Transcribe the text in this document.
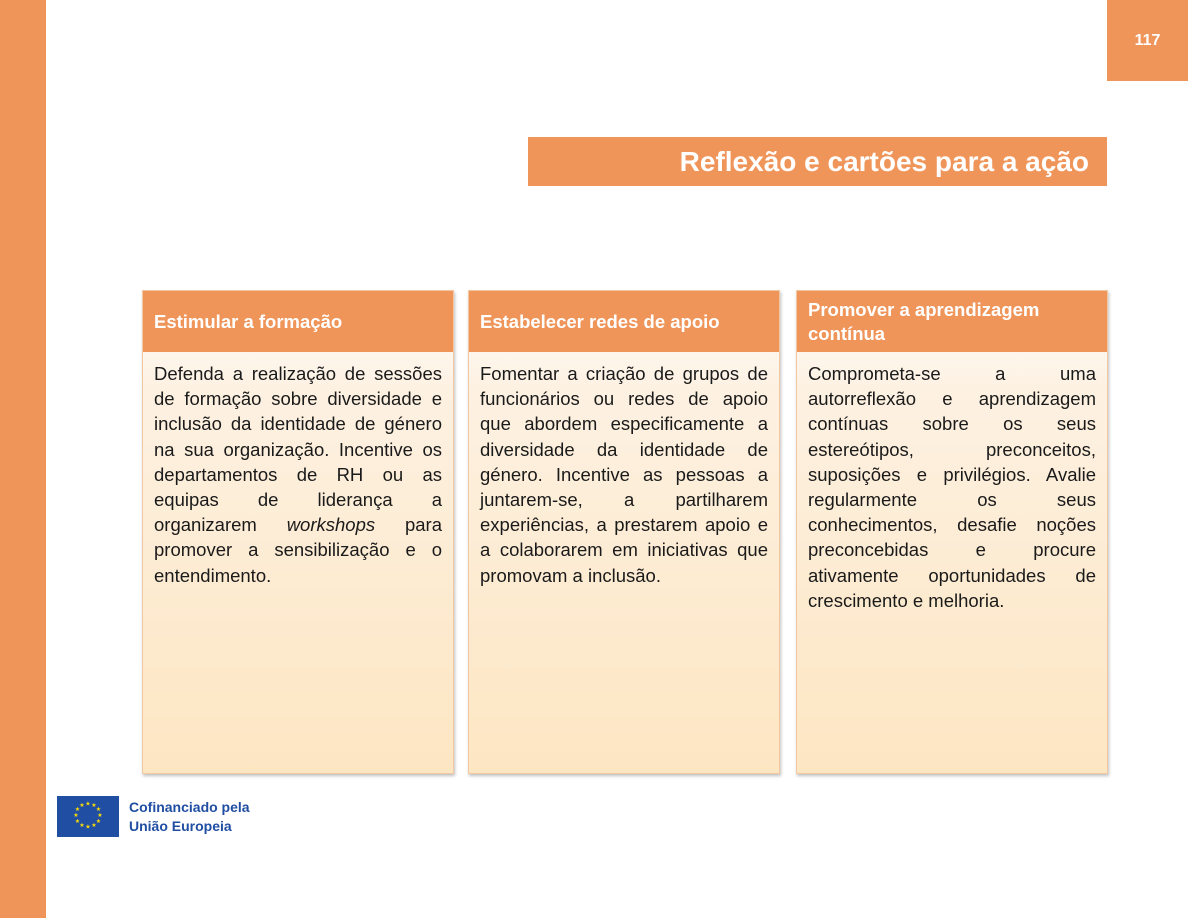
117
Reflexão e cartões para a ação
Estimular a formação
Defenda a realização de sessões de formação sobre diversidade e inclusão da identidade de género na sua organização. Incentive os departamentos de RH ou as equipas de liderança a organizarem workshops para promover a sensibilização e o entendimento.
Estabelecer redes de apoio
Fomentar a criação de grupos de funcionários ou redes de apoio que abordem especificamente a diversidade da identidade de género. Incentive as pessoas a juntarem-se, a partilharem experiências, a prestarem apoio e a colaborarem em iniciativas que promovam a inclusão.
Promover a aprendizagem contínua
Comprometa-se a uma autorreflexão e aprendizagem contínuas sobre os seus estereótipos, preconceitos, suposições e privilégios. Avalie regularmente os seus conhecimentos, desafie noções preconcebidas e procure ativamente oportunidades de crescimento e melhoria.
★ ★
★
★
★
★
★
★
★
★
★
★	Cofinanciado pela
União Europeia
